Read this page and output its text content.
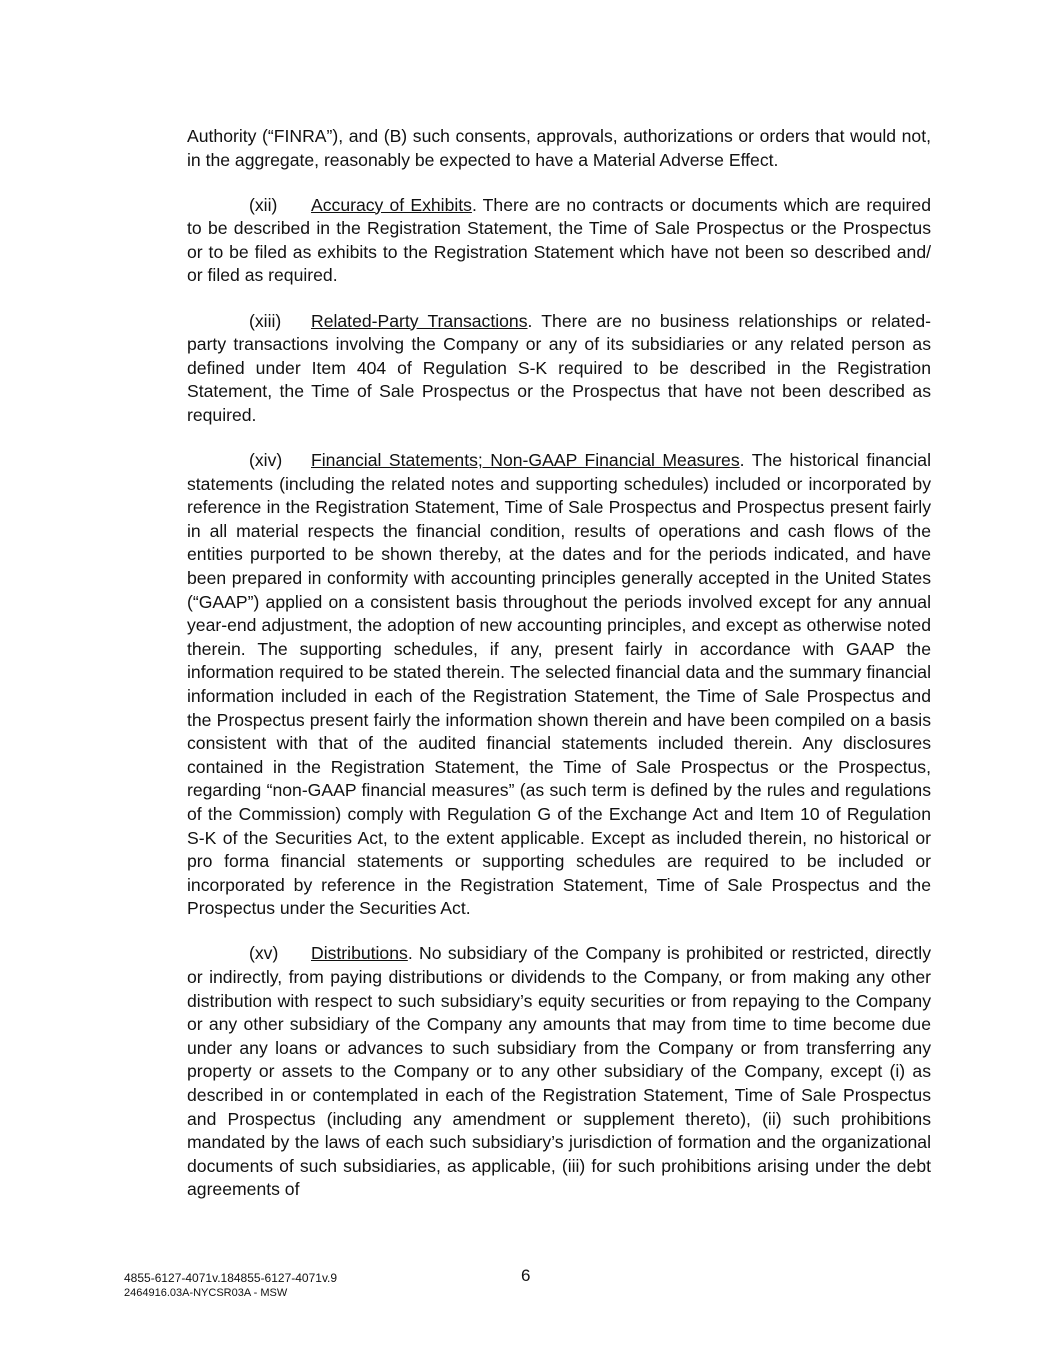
Authority (“FINRA”), and (B) such consents, approvals, authorizations or orders that would not, in the aggregate, reasonably be expected to have a Material Adverse Effect.

(xii) Accuracy of Exhibits. There are no contracts or documents which are required to be described in the Registration Statement, the Time of Sale Prospectus or the Prospectus or to be filed as exhibits to the Registration Statement which have not been so described and/ or filed as required.

(xiii) Related-Party Transactions. There are no business relationships or related-party transactions involving the Company or any of its subsidiaries or any related person as defined under Item 404 of Regulation S-K required to be described in the Registration Statement, the Time of Sale Prospectus or the Prospectus that have not been described as required.

(xiv) Financial Statements; Non-GAAP Financial Measures. The historical financial statements (including the related notes and supporting schedules) included or incorporated by reference in the Registration Statement, Time of Sale Prospectus and Prospectus present fairly in all material respects the financial condition, results of operations and cash flows of the entities purported to be shown thereby, at the dates and for the periods indicated, and have been prepared in conformity with accounting principles generally accepted in the United States (“GAAP”) applied on a consistent basis throughout the periods involved except for any annual year-end adjustment, the adoption of new accounting principles, and except as otherwise noted therein. The supporting schedules, if any, present fairly in accordance with GAAP the information required to be stated therein. The selected financial data and the summary financial information included in each of the Registration Statement, the Time of Sale Prospectus and the Prospectus present fairly the information shown therein and have been compiled on a basis consistent with that of the audited financial statements included therein. Any disclosures contained in the Registration Statement, the Time of Sale Prospectus or the Prospectus, regarding “non-GAAP financial measures” (as such term is defined by the rules and regulations of the Commission) comply with Regulation G of the Exchange Act and Item 10 of Regulation S-K of the Securities Act, to the extent applicable. Except as included therein, no historical or pro forma financial statements or supporting schedules are required to be included or incorporated by reference in the Registration Statement, Time of Sale Prospectus and the Prospectus under the Securities Act.

(xv) Distributions. No subsidiary of the Company is prohibited or restricted, directly or indirectly, from paying distributions or dividends to the Company, or from making any other distribution with respect to such subsidiary’s equity securities or from repaying to the Company or any other subsidiary of the Company any amounts that may from time to time become due under any loans or advances to such subsidiary from the Company or from transferring any property or assets to the Company or to any other subsidiary of the Company, except (i) as described in or contemplated in each of the Registration Statement, Time of Sale Prospectus and Prospectus (including any amendment or supplement thereto), (ii) such prohibitions mandated by the laws of each such subsidiary’s jurisdiction of formation and the organizational documents of such subsidiaries, as applicable, (iii) for such prohibitions arising under the debt agreements of

4855-6127-4071v.184855-6127-4071v.9
2464916.03A-NYCSR03A - MSW
6
